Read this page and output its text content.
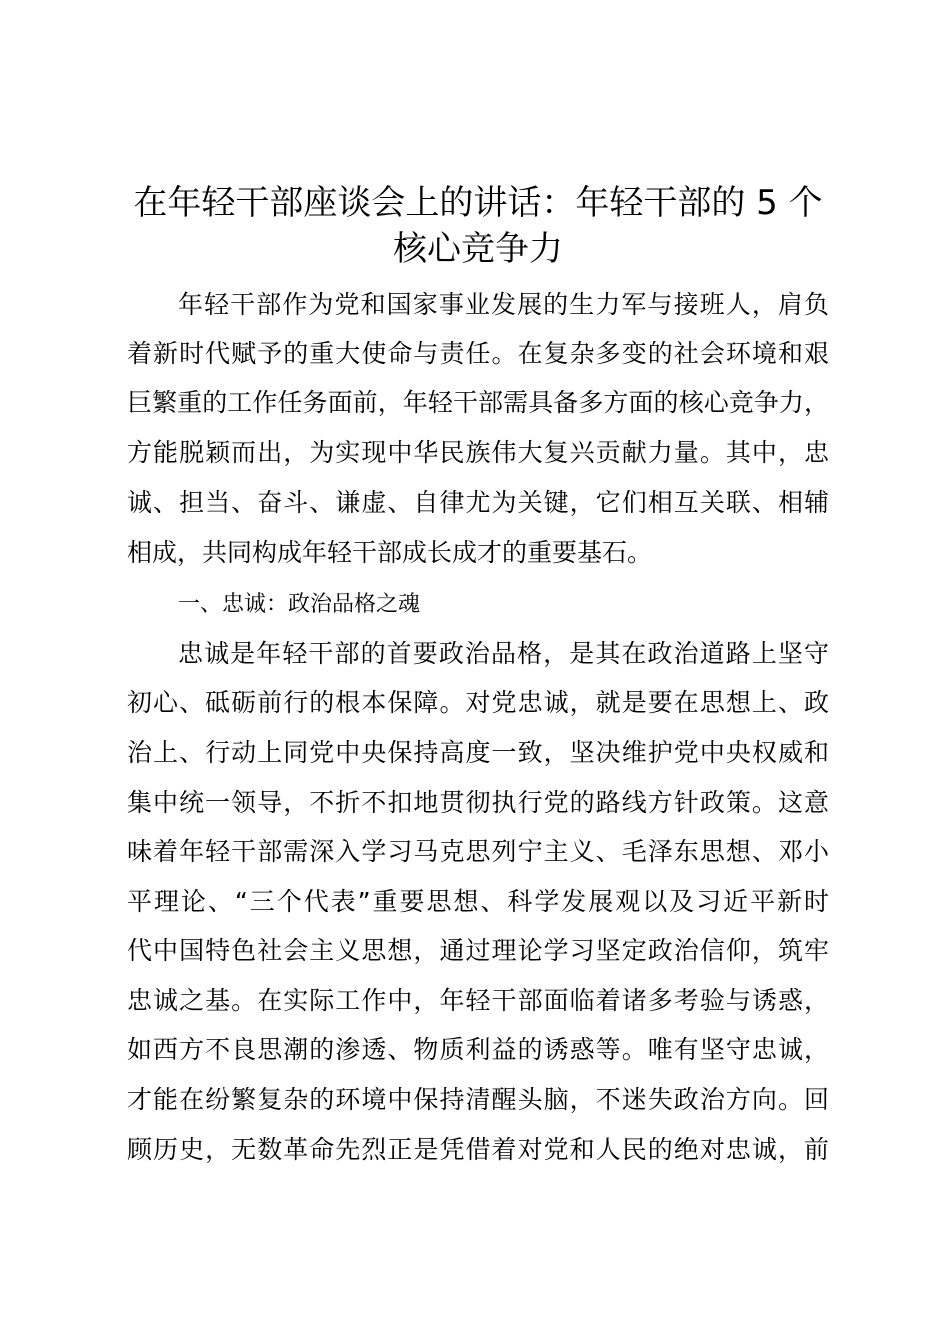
在年轻干部座谈会上的讲话：年轻干部的 5 个
核心竞争力
年轻干部作为党和国家事业发展的生力军与接班人，肩负
着新时代赋予的重大使命与责任。在复杂多变的社会环境和艰
巨繁重的工作任务面前，年轻干部需具备多方面的核心竞争力，
方能脱颖而出，为实现中华民族伟大复兴贡献力量。其中，忠
诚、担当、奋斗、谦虚、自律尤为关键，它们相互关联、相辅
相成，共同构成年轻干部成长成才的重要基石。
一、忠诚：政治品格之魂
忠诚是年轻干部的首要政治品格，是其在政治道路上坚守
初心、砥砺前行的根本保障。对党忠诚，就是要在思想上、政
治上、行动上同党中央保持高度一致，坚决维护党中央权威和
集中统一领导，不折不扣地贯彻执行党的路线方针政策。这意
味着年轻干部需深入学习马克思列宁主义、毛泽东思想、邓小
平理论、“三个代表”重要思想、科学发展观以及习近平新时
代中国特色社会主义思想，通过理论学习坚定政治信仰，筑牢
忠诚之基。在实际工作中，年轻干部面临着诸多考验与诱惑，
如西方不良思潮的渗透、物质利益的诱惑等。唯有坚守忠诚，
才能在纷繁复杂的环境中保持清醒头脑，不迷失政治方向。回
顾历史，无数革命先烈正是凭借着对党和人民的绝对忠诚，前
